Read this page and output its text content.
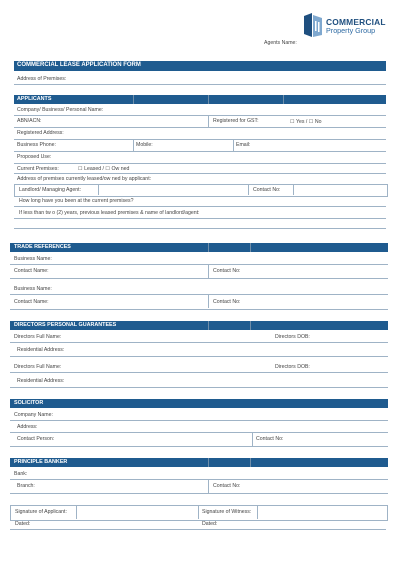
COMMERCIAL
Property Group
Agents Name:
COMMERCIAL LEASE APPLICATION FORM
Address of Premises:
APPLICANTS
Company/ Business/ Personal Name:
ABN/ACN:	Registered for GST:	☐ Yes / ☐ No
Registered Address:
Business Phone:	Mobile:	Email:
Proposed Use:
Current Premises:	☐ Leased / ☐ Ow ned
Address of premises currently leased/ow ned by applicant:
Landlord/ Managing Agent:	Contact No:
How long have you been at the current premises?
If less than tw o (2) years, previous leased premises & name of landlord/agent:
TRADE REFERENCES
Business Name:
Contact Name:	Contact No:
Business Name:
Contact Name:	Contact No:
DIRECTORS PERSONAL GUARANTEES
Directors Full Name:	Directors DOB:
Residential Address:
Directors Full Name:	Directors DOB:
Residential Address:
SOLICITOR
Company Name:
Address:
Contact Person:	Contact No:
PRINCIPLE BANKER
Bank:
Branch:	Contact No:
Signature of Applicant:	Signature of Witness:
Dated:	Dated:
